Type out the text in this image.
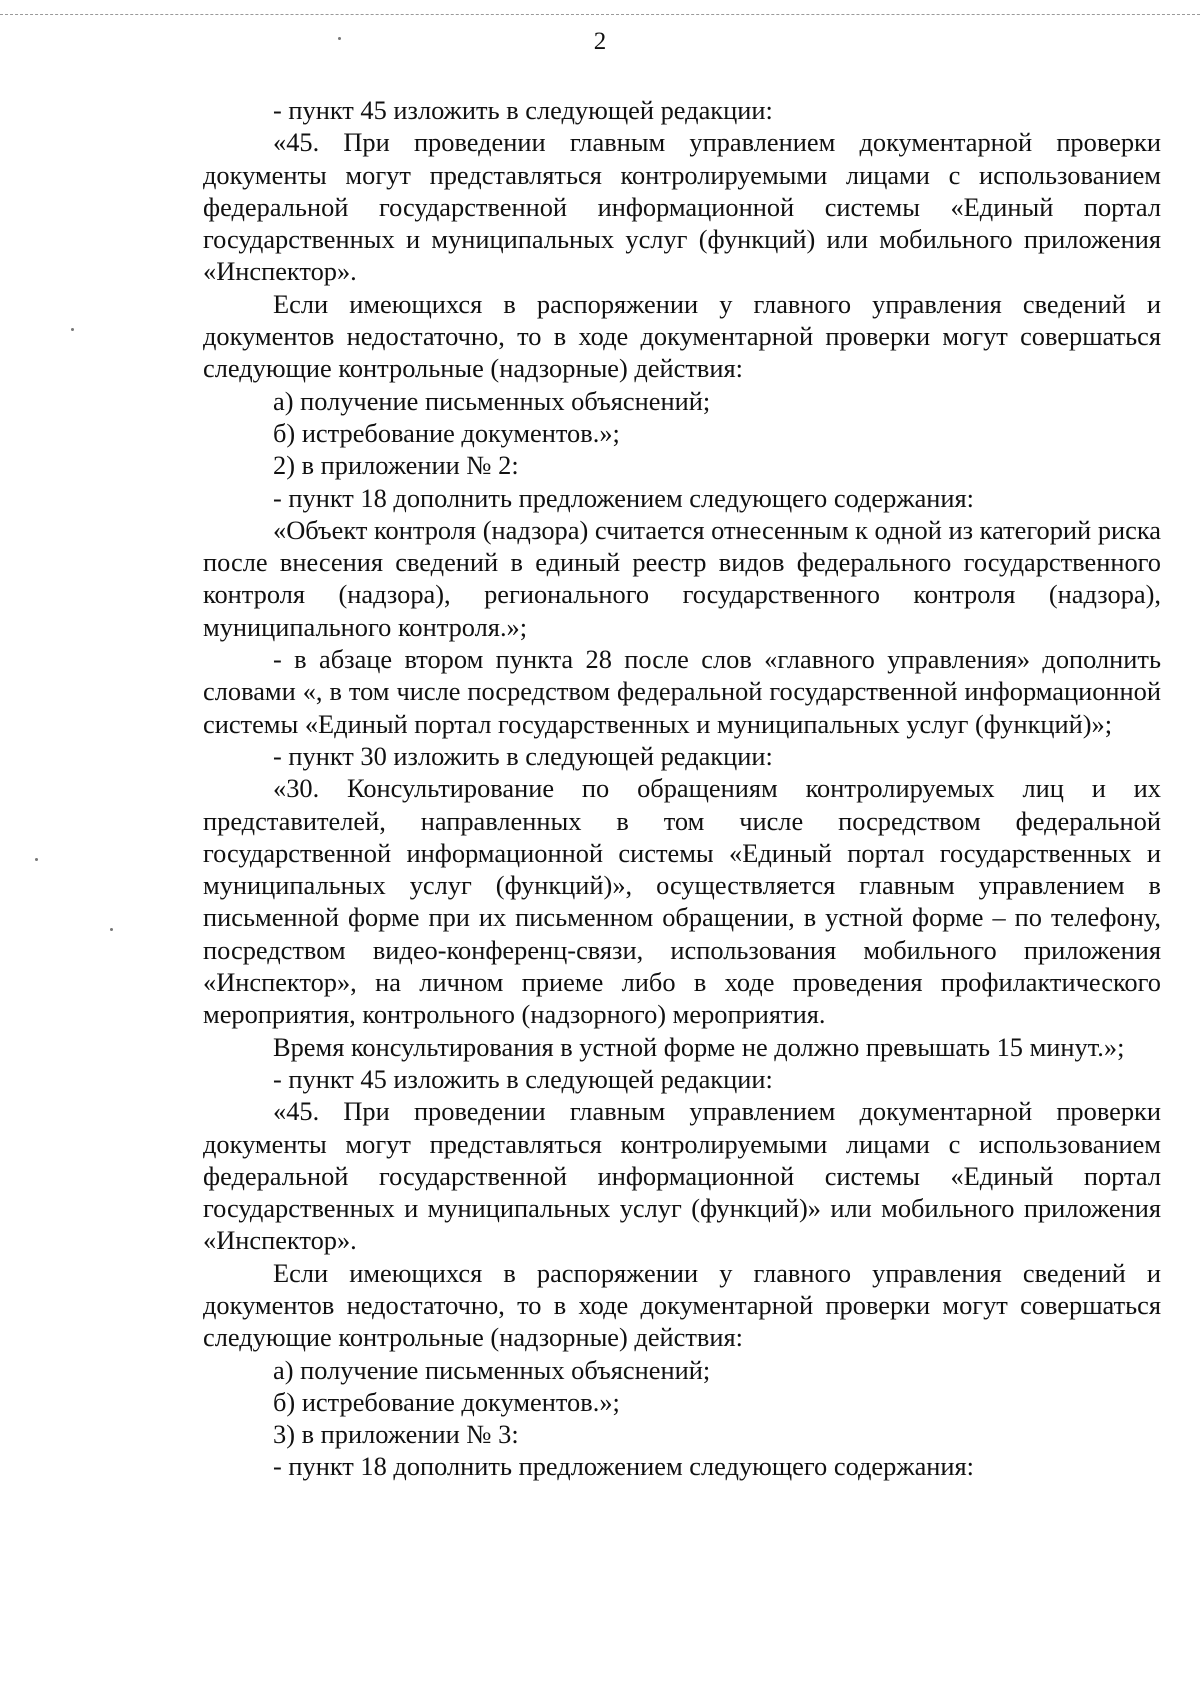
2

- пункт 45 изложить в следующей редакции:

«45. При проведении главным управлением документарной проверки документы могут представляться контролируемыми лицами с использованием федеральной государственной информационной системы «Единый портал государственных и муниципальных услуг (функций) или мобильного приложения «Инспектор».

Если имеющихся в распоряжении у главного управления сведений и документов недостаточно, то в ходе документарной проверки могут совершаться следующие контрольные (надзорные) действия:

а) получение письменных объяснений;

б) истребование документов.»;

2) в приложении № 2:

- пункт 18 дополнить предложением следующего содержания:

«Объект контроля (надзора) считается отнесенным к одной из категорий риска после внесения сведений в единый реестр видов федерального государственного контроля (надзора), регионального государственного контроля (надзора), муниципального контроля.»;

- в абзаце втором пункта 28 после слов «главного управления» дополнить словами «, в том числе посредством федеральной государственной информационной системы «Единый портал государственных и муниципальных услуг (функций)»;

- пункт 30 изложить в следующей редакции:

«30. Консультирование по обращениям контролируемых лиц и их представителей, направленных в том числе посредством федеральной государственной информационной системы «Единый портал государственных и муниципальных услуг (функций)», осуществляется главным управлением в письменной форме при их письменном обращении, в устной форме – по телефону, посредством видео-конференц-связи, использования мобильного приложения «Инспектор», на личном приеме либо в ходе проведения профилактического мероприятия, контрольного (надзорного) мероприятия.

Время консультирования в устной форме не должно превышать 15 минут.»;

- пункт 45 изложить в следующей редакции:

«45. При проведении главным управлением документарной проверки документы могут представляться контролируемыми лицами с использованием федеральной государственной информационной системы «Единый портал государственных и муниципальных услуг (функций)» или мобильного приложения «Инспектор».

Если имеющихся в распоряжении у главного управления сведений и документов недостаточно, то в ходе документарной проверки могут совершаться следующие контрольные (надзорные) действия:

а) получение письменных объяснений;

б) истребование документов.»;

3) в приложении № 3:

- пункт 18 дополнить предложением следующего содержания:
